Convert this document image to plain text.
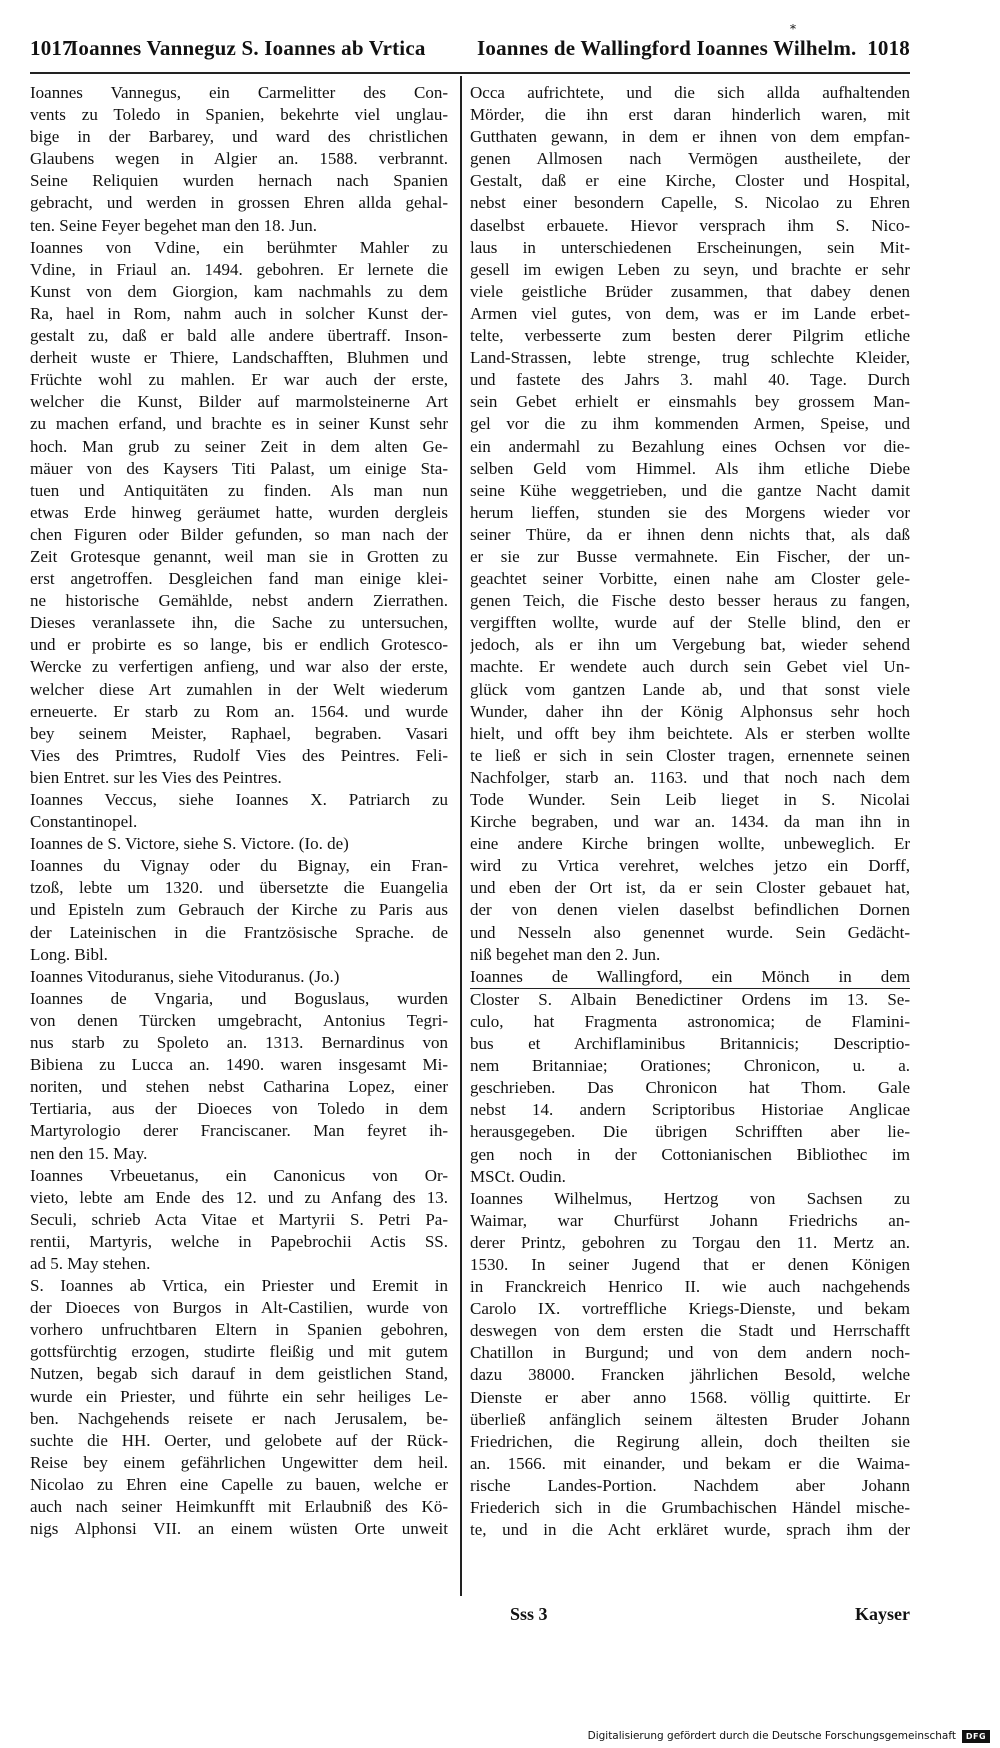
*
1017
Ioannes Vanneguz S. Ioannes ab Vrtica Ioannes de Wallingford Ioannes Wilhelm. 1018
Ioannes Vannegus, ein Carmelitter des Con-
vents zu Toledo in Spanien, bekehrte viel unglau-
bige in der Barbarey, und ward des christlichen
Glaubens wegen in Algier an. 1588. verbrannt.
Seine Reliquien wurden hernach nach Spanien
gebracht, und werden in grossen Ehren allda gehal-
ten. Seine Feyer begehet man den 18. Jun.
Ioannes von Vdine, ein berühmter Mahler zu
Vdine, in Friaul an. 1494. gebohren. Er lernete die
Kunst von dem Giorgion, kam nachmahls zu dem
Ra, hael in Rom, nahm auch in solcher Kunst der-
gestalt zu, daß er bald alle andere übertraff. Inson-
derheit wuste er Thiere, Landschafften, Bluhmen und
Früchte wohl zu mahlen. Er war auch der erste,
welcher die Kunst, Bilder auf marmolsteinerne Art
zu machen erfand, und brachte es in seiner Kunst sehr
hoch. Man grub zu seiner Zeit in dem alten Ge-
mäuer von des Kaysers Titi Palast, um einige Sta-
tuen und Antiquitäten zu finden. Als man nun
etwas Erde hinweg geräumet hatte, wurden dergleis
chen Figuren oder Bilder gefunden, so man nach der
Zeit Grotesque genannt, weil man sie in Grotten zu
erst angetroffen. Desgleichen fand man einige klei-
ne historische Gemählde, nebst andern Zierrathen.
Dieses veranlassete ihn, die Sache zu untersuchen,
und er probirte es so lange, bis er endlich Grotesco-
Wercke zu verfertigen anfieng, und war also der erste,
welcher diese Art zumahlen in der Welt wiederum
erneuerte. Er starb zu Rom an. 1564. und wurde
bey seinem Meister, Raphael, begraben. Vasari
Vies des Primtres, Rudolf Vies des Peintres. Feli-
bien Entret. sur les Vies des Peintres.
Ioannes Veccus, siehe Ioannes X. Patriarch zu
Constantinopel.
Ioannes de S. Victore, siehe S. Victore. (Io. de)
Ioannes du Vignay oder du Bignay, ein Fran-
tzoß, lebte um 1320. und übersetzte die Euangelia
und Episteln zum Gebrauch der Kirche zu Paris aus
der Lateinischen in die Frantzösische Sprache. de
Long. Bibl.
Ioannes Vitoduranus, siehe Vitoduranus. (Jo.)
Ioannes de Vngaria, und Boguslaus, wurden
von denen Türcken umgebracht, Antonius Tegri-
nus starb zu Spoleto an. 1313. Bernardinus von
Bibiena zu Lucca an. 1490. waren insgesamt Mi-
noriten, und stehen nebst Catharina Lopez, einer
Tertiaria, aus der Dioeces von Toledo in dem
Martyrologio derer Franciscaner. Man feyret ih-
nen den 15. May.
Ioannes Vrbeuetanus, ein Canonicus von Or-
vieto, lebte am Ende des 12. und zu Anfang des 13.
Seculi, schrieb Acta Vitae et Martyrii S. Petri Pa-
rentii, Martyris, welche in Papebrochii Actis SS.
ad 5. May stehen.
S. Ioannes ab Vrtica, ein Priester und Eremit in
der Dioeces von Burgos in Alt-Castilien, wurde von
vorhero unfruchtbaren Eltern in Spanien gebohren,
gottsfürchtig erzogen, studirte fleißig und mit gutem
Nutzen, begab sich darauf in dem geistlichen Stand,
wurde ein Priester, und führte ein sehr heiliges Le-
ben. Nachgehends reisete er nach Jerusalem, be-
suchte die HH. Oerter, und gelobete auf der Rück-
Reise bey einem gefährlichen Ungewitter dem heil.
Nicolao zu Ehren eine Capelle zu bauen, welche er
auch nach seiner Heimkunfft mit Erlaubniß des Kö-
nigs Alphonsi VII. an einem wüsten Orte unweit
Occa aufrichtete, und die sich allda aufhaltenden
Mörder, die ihn erst daran hinderlich waren, mit
Gutthaten gewann, in dem er ihnen von dem empfan-
genen Allmosen nach Vermögen austheilete, der
Gestalt, daß er eine Kirche, Closter und Hospital,
nebst einer besondern Capelle, S. Nicolao zu Ehren
daselbst erbauete. Hievor versprach ihm S. Nico-
laus in unterschiedenen Erscheinungen, sein Mit-
gesell im ewigen Leben zu seyn, und brachte er sehr
viele geistliche Brüder zusammen, that dabey denen
Armen viel gutes, von dem, was er im Lande erbet-
telte, verbesserte zum besten derer Pilgrim etliche
Land-Strassen, lebte strenge, trug schlechte Kleider,
und fastete des Jahrs 3. mahl 40. Tage. Durch
sein Gebet erhielt er einsmahls bey grossem Man-
gel vor die zu ihm kommenden Armen, Speise, und
ein andermahl zu Bezahlung eines Ochsen vor die-
selben Geld vom Himmel. Als ihm etliche Diebe
seine Kühe weggetrieben, und die gantze Nacht damit
herum lieffen, stunden sie des Morgens wieder vor
seiner Thüre, da er ihnen denn nichts that, als daß
er sie zur Busse vermahnete. Ein Fischer, der un-
geachtet seiner Vorbitte, einen nahe am Closter gele-
genen Teich, die Fische desto besser heraus zu fangen,
vergifften wollte, wurde auf der Stelle blind, den er
jedoch, als er ihn um Vergebung bat, wieder sehend
machte. Er wendete auch durch sein Gebet viel Un-
glück vom gantzen Lande ab, und that sonst viele
Wunder, daher ihn der König Alphonsus sehr hoch
hielt, und offt bey ihm beichtete. Als er sterben wollte
te ließ er sich in sein Closter tragen, ernennete seinen
Nachfolger, starb an. 1163. und that noch nach dem
Tode Wunder. Sein Leib lieget in S. Nicolai
Kirche begraben, und war an. 1434. da man ihn in
eine andere Kirche bringen wollte, unbeweglich. Er
wird zu Vrtica verehret, welches jetzo ein Dorff,
und eben der Ort ist, da er sein Closter gebauet hat,
der von denen vielen daselbst befindlichen Dornen
und Nesseln also genennet wurde. Sein Gedächt-
niß begehet man den 2. Jun.
Ioannes de Wallingford, ein Mönch in dem
Closter S. Albain Benedictiner Ordens im 13. Se-
culo, hat Fragmenta astronomica; de Flamini-
bus et Archiflaminibus Britannicis; Descriptio-
nem Britanniae; Orationes; Chronicon, u. a.
geschrieben. Das Chronicon hat Thom. Gale
nebst 14. andern Scriptoribus Historiae Anglicae
herausgegeben. Die übrigen Schrifften aber lie-
gen noch in der Cottonianischen Bibliothec im
MSCt. Oudin.
Ioannes Wilhelmus, Hertzog von Sachsen zu
Waimar, war Churfürst Johann Friedrichs an-
derer Printz, gebohren zu Torgau den 11. Mertz an.
1530. In seiner Jugend that er denen Königen
in Franckreich Henrico II. wie auch nachgehends
Carolo IX. vortreffliche Kriegs-Dienste, und bekam
deswegen von dem ersten die Stadt und Herrschafft
Chatillon in Burgund; und von dem andern noch-
dazu 38000. Francken jährlichen Besold, welche
Dienste er aber anno 1568. völlig quittirte. Er
überließ anfänglich seinem ältesten Bruder Johann
Friedrichen, die Regirung allein, doch theilten sie
an. 1566. mit einander, und bekam er die Waima-
rische Landes-Portion. Nachdem aber Johann
Friederich sich in die Grumbachischen Händel mische-
te, und in die Acht erkläret wurde, sprach ihm der
Sss 3	Kayser
Digitalisierung gefördert durch die Deutsche Forschungsgemeinschaft	DFG
